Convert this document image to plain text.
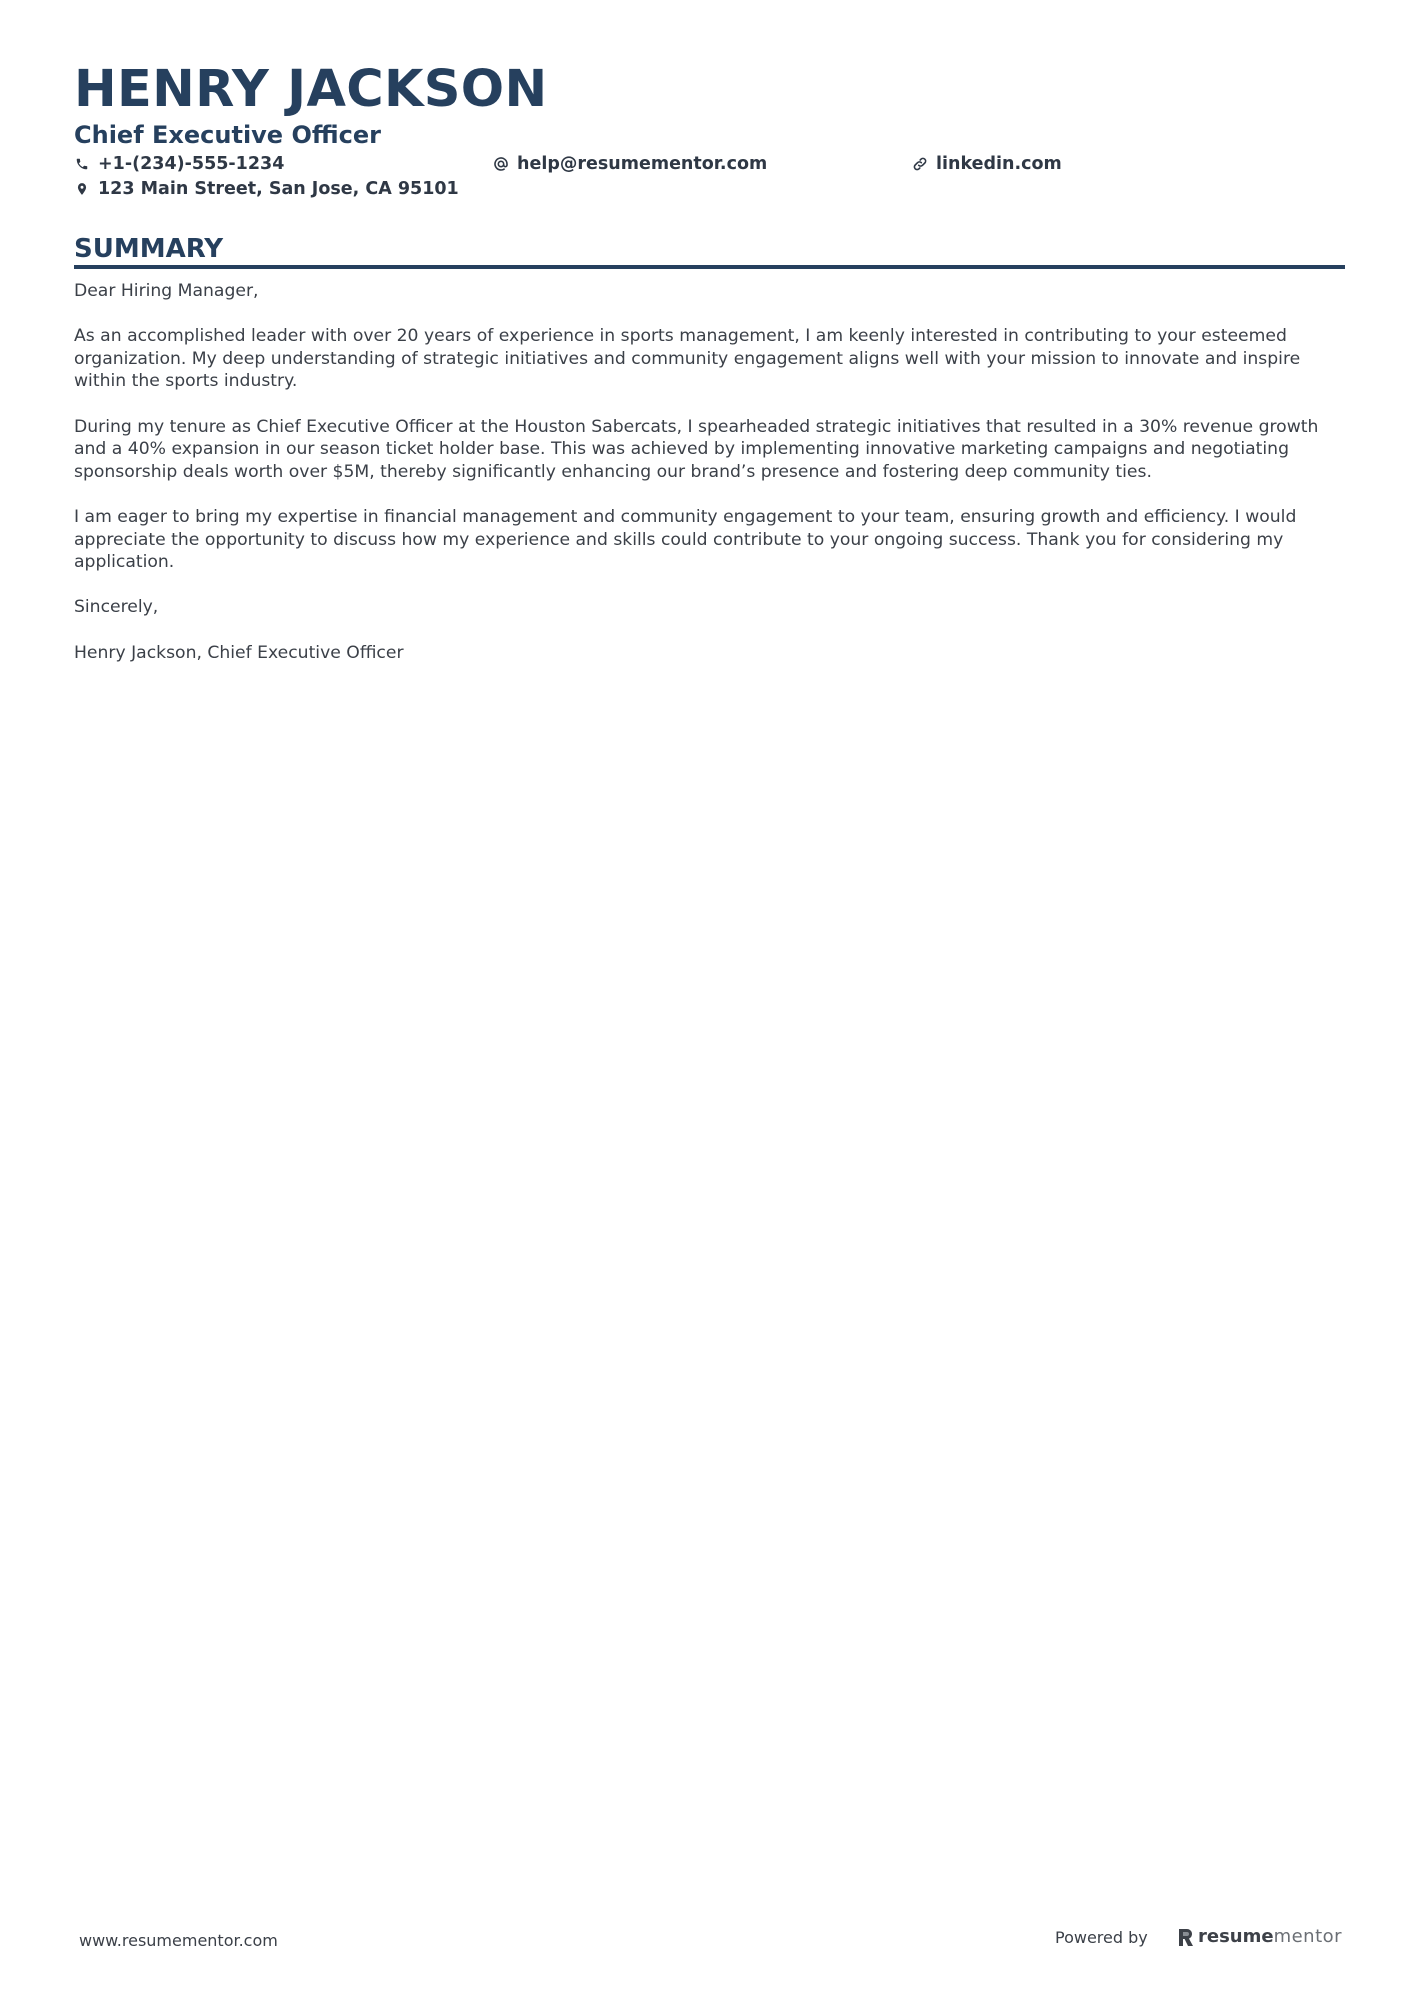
HENRY JACKSON
Chief Executive Officer
+1-(234)-555-1234	help@resumementor.com	linkedin.com
123 Main Street, San Jose, CA 95101
SUMMARY

Dear Hiring Manager,

As an accomplished leader with over 20 years of experience in sports management, I am keenly interested in contributing to your esteemed organization. My deep understanding of strategic initiatives and community engagement aligns well with your mission to innovate and inspire within the sports industry.

During my tenure as Chief Executive Officer at the Houston Sabercats, I spearheaded strategic initiatives that resulted in a 30% revenue growth and a 40% expansion in our season ticket holder base. This was achieved by implementing innovative marketing campaigns and negotiating sponsorship deals worth over $5M, thereby significantly enhancing our brand’s presence and fostering deep community ties.

I am eager to bring my expertise in financial management and community engagement to your team, ensuring growth and efficiency. I would appreciate the opportunity to discuss how my experience and skills could contribute to your ongoing success. Thank you for considering my application.

Sincerely,

Henry Jackson, Chief Executive Officer

www.resumementor.com	Powered by	resume mentor
